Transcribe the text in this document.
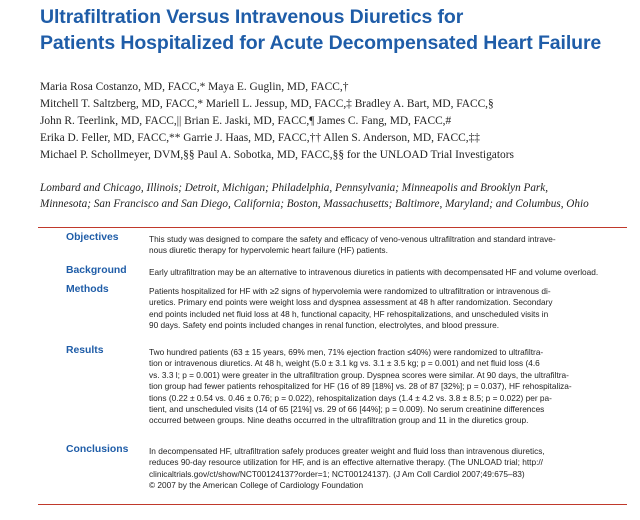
Ultrafiltration Versus Intravenous Diuretics for
Patients Hospitalized for Acute Decompensated Heart Failure
Maria Rosa Costanzo, MD, FACC,* Maya E. Guglin, MD, FACC,†
Mitchell T. Saltzberg, MD, FACC,* Mariell L. Jessup, MD, FACC,‡ Bradley A. Bart, MD, FACC,§
John R. Teerlink, MD, FACC,|| Brian E. Jaski, MD, FACC,¶ James C. Fang, MD, FACC,#
Erika D. Feller, MD, FACC,** Garrie J. Haas, MD, FACC,†† Allen S. Anderson, MD, FACC,‡‡
Michael P. Schollmeyer, DVM,§§ Paul A. Sobotka, MD, FACC,§§ for the UNLOAD Trial Investigators
Lombard and Chicago, Illinois; Detroit, Michigan; Philadelphia, Pennsylvania; Minneapolis and Brooklyn Park,
Minnesota; San Francisco and San Diego, California; Boston, Massachusetts; Baltimore, Maryland; and Columbus, Ohio
Objectives	This study was designed to compare the safety and efficacy of veno-venous ultrafiltration and standard intrave-
nous diuretic therapy for hypervolemic heart failure (HF) patients.
Background	Early ultrafiltration may be an alternative to intravenous diuretics in patients with decompensated HF and volume overload.
Methods	Patients hospitalized for HF with ≥2 signs of hypervolemia were randomized to ultrafiltration or intravenous di-
uretics. Primary end points were weight loss and dyspnea assessment at 48 h after randomization. Secondary
end points included net fluid loss at 48 h, functional capacity, HF rehospitalizations, and unscheduled visits in
90 days. Safety end points included changes in renal function, electrolytes, and blood pressure.
Results	Two hundred patients (63 ± 15 years, 69% men, 71% ejection fraction ≤40%) were randomized to ultrafiltra-
tion or intravenous diuretics. At 48 h, weight (5.0 ± 3.1 kg vs. 3.1 ± 3.5 kg; p = 0.001) and net fluid loss (4.6
vs. 3.3 l; p = 0.001) were greater in the ultrafiltration group. Dyspnea scores were similar. At 90 days, the ultrafiltra-
tion group had fewer patients rehospitalized for HF (16 of 89 [18%] vs. 28 of 87 [32%]; p = 0.037), HF rehospitaliza-
tions (0.22 ± 0.54 vs. 0.46 ± 0.76; p = 0.022), rehospitalization days (1.4 ± 4.2 vs. 3.8 ± 8.5; p = 0.022) per pa-
tient, and unscheduled visits (14 of 65 [21%] vs. 29 of 66 [44%]; p = 0.009). No serum creatinine differences
occurred between groups. Nine deaths occurred in the ultrafiltration group and 11 in the diuretics group.
Conclusions In decompensated HF, ultrafiltration safely produces greater weight and fluid loss than intravenous diuretics,
reduces 90-day resource utilization for HF, and is an effective alternative therapy. (The UNLOAD trial; http://
clinicaltrials.gov/ct/show/NCT00124137?order=1; NCT00124137). (J Am Coll Cardiol 2007;49:675–83)
© 2007 by the American College of Cardiology Foundation
